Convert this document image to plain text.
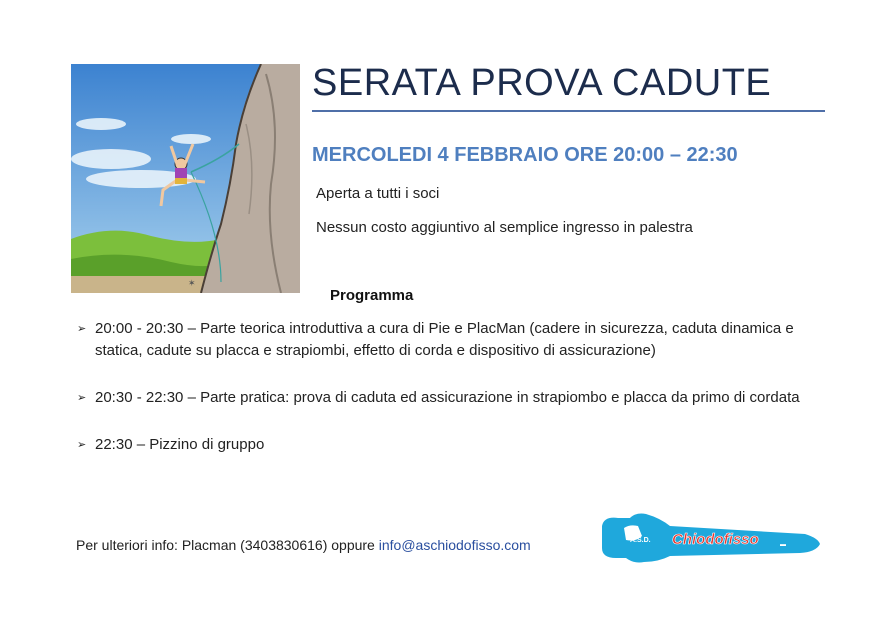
✶
SERATA PROVA CADUTE
MERCOLEDI 4 FEBBRAIO ORE 20:00 – 22:30
Aperta a tutti i soci
Nessun costo aggiuntivo al semplice ingresso in palestra
Programma
➢ 20:00 - 20:30 – Parte teorica introduttiva a cura di Pie e PlacMan (cadere in sicurezza, caduta dinamica e statica, cadute su placca e strapiombi, effetto di corda e dispositivo di assicurazione)
➢ 20:30 - 22:30 – Parte pratica: prova di caduta ed assicurazione in strapiombo e placca da primo di cordata
➢ 22:30 – Pizzino di gruppo
Per ulteriori info: Placman (3403830616) oppure info@aschiodofisso.com	A.S.D. Chiodofisso	▬
